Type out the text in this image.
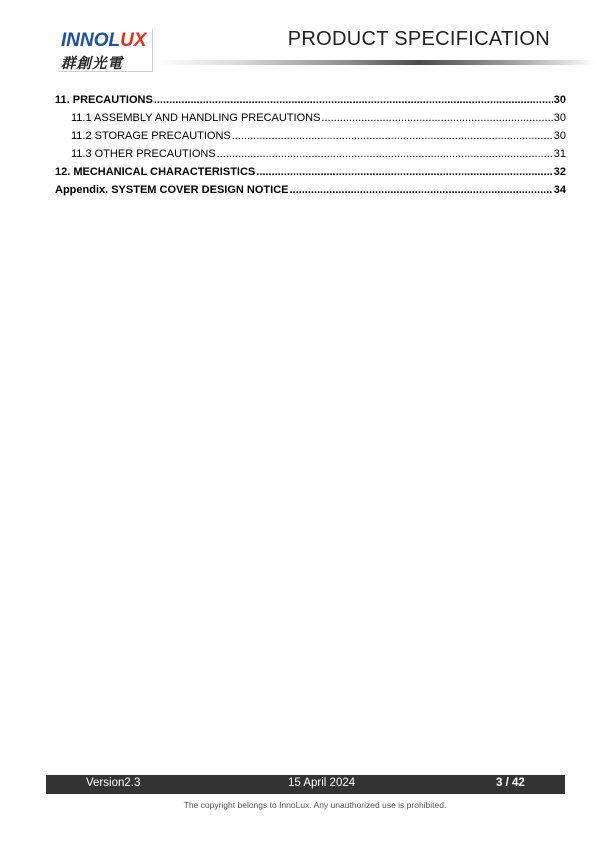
INNOLUX
群創光電
PRODUCT SPECIFICATION
11. PRECAUTIONS .....	30
11.1 ASSEMBLY AND HANDLING PRECAUTIONS .....	30
11.2 STORAGE PRECAUTIONS .....	30
11.3 OTHER PRECAUTIONS .....	31
12. MECHANICAL CHARACTERISTICS .....	32
Appendix. SYSTEM COVER DESIGN NOTICE .....	34
Version2.3	15 April 2024	3 / 42
The copyright belongs to InnoLux. Any unauthorized use is prohibited.
